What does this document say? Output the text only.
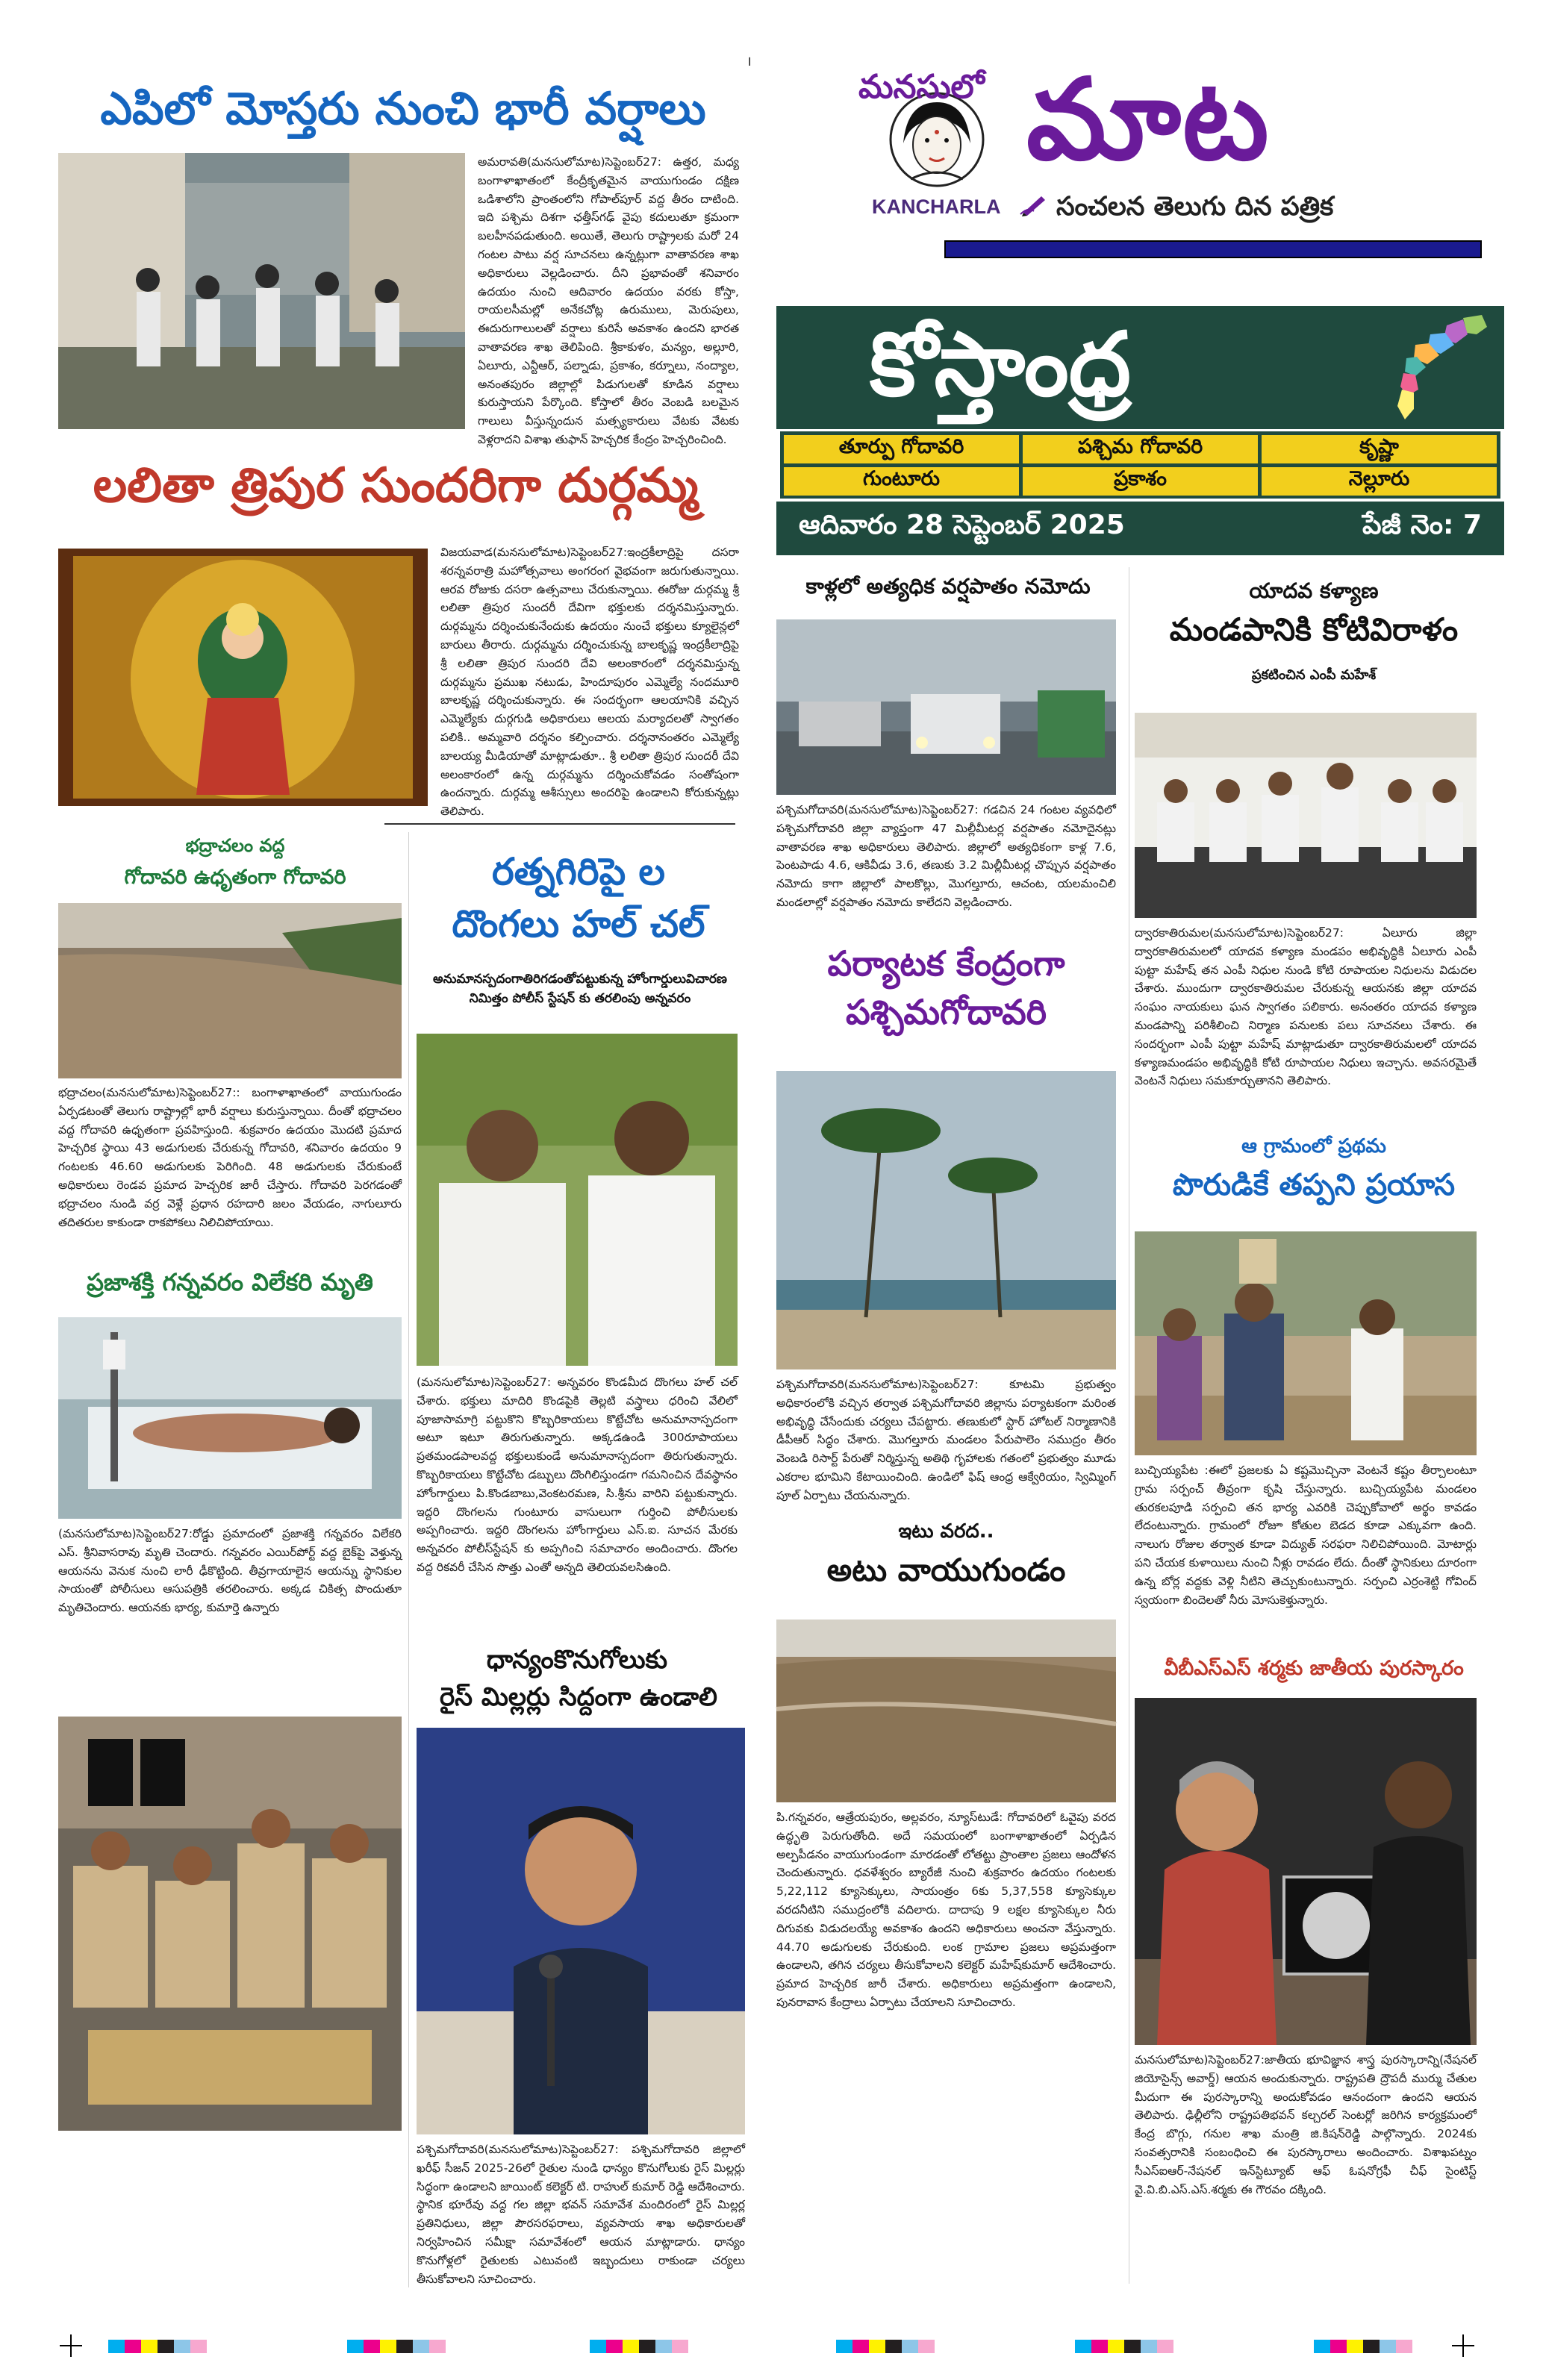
।
మనసులో మాట
KANCHARLA సంచలన తెలుగు దిన పత్రిక
కోస్తాంధ్ర
తూర్పు గోదావరి	పశ్చిమ గోదావరి	కృష్ణా
గుంటూరు	ప్రకాశం	నెల్లూరు
ఆదివారం 28 సెప్టెంబర్ 2025	పేజీ నెం: 7
ఎపిలో మోస్తరు నుంచి భారీ వర్షాలు
అమరావతి(మనసులోమాట)సెప్టెంబర్27: ఉత్తర, మధ్య బంగాళాఖాతంలో కేంద్రీకృతమైన వాయుగుండం దక్షిణ ఒడిశాలోని ప్రాంతంలోని గోపాల్‌పూర్ వద్ద తీరం దాటింది. ఇది పశ్చిమ దిశగా ఛత్తీస్‌గఢ్ వైపు కదులుతూ క్రమంగా బలహీనపడుతుంది. అయితే, తెలుగు రాష్ట్రాలకు మరో 24 గంటల పాటు వర్ష సూచనలు ఉన్నట్లుగా వాతావరణ శాఖ అధికారులు వెల్లడించారు. దీని ప్రభావంతో శనివారం ఉదయం నుంచి ఆదివారం ఉదయం వరకు కోస్తా, రాయలసీమల్లో అనేకచోట్ల ఉరుములు, మెరుపులు, ఈదురుగాలులతో వర్షాలు కురిసే అవకాశం ఉందని భారత వాతావరణ శాఖ తెలిపింది. శ్రీకాకుళం, మన్యం, అల్లూరి, ఏలూరు, ఎన్టీఆర్, పల్నాడు, ప్రకాశం, కర్నూలు, నంద్యాల, అనంతపురం జిల్లాల్లో పిడుగులతో కూడిన వర్షాలు కురుస్తాయని పేర్కొంది. కోస్తాలో తీరం వెంబడి బలమైన గాలులు వీస్తున్నందున మత్స్యకారులు వేటకు వేటకు వెళ్లరాదని విశాఖ తుఫాన్ హెచ్చరిక కేంద్రం హెచ్చరించింది.
లలితా త్రిపుర సుందరిగా దుర్గమ్మ
విజయవాడ(మనసులోమాట)సెప్టెంబర్27:ఇంద్రకీలాద్రిపై దసరా శరన్నవరాత్రి మహోత్సవాలు అంగరంగ వైభవంగా జరుగుతున్నాయి. ఆరవ రోజుకు దసరా ఉత్సవాలు చేరుకున్నాయి. ఈరోజు దుర్గమ్మ శ్రీ లలితా త్రిపుర సుందరీ దేవిగా భక్తులకు దర్శనమిస్తున్నారు. దుర్గమ్మను దర్శించుకునేందుకు ఉదయం నుంచే భక్తులు క్యూలైన్లలో బారులు తీరారు. దుర్గమ్మను దర్శించుకున్న బాలకృష్ణ ఇంద్రకీలాద్రిపై శ్రీ లలితా త్రిపుర సుందరి దేవి అలంకారంలో దర్శనమిస్తున్న దుర్గమ్మను ప్రముఖ నటుడు, హిందూపురం ఎమ్మెల్యే నందమూరి బాలకృష్ణ దర్శించుకున్నారు. ఈ సందర్భంగా ఆలయానికి వచ్చిన ఎమ్మెల్యేకు దుర్గగుడి అధికారులు ఆలయ మర్యాదలతో స్వాగతం పలికి.. అమ్మవారి దర్శనం కల్పించారు. దర్శనానంతరం ఎమ్మెల్యే బాలయ్య మీడియాతో మాట్లాడుతూ.. శ్రీ లలితా త్రిపుర సుందరీ దేవి అలంకారంలో ఉన్న దుర్గమ్మను దర్శించుకోవడం సంతోషంగా ఉందన్నారు. దుర్గమ్మ ఆశీస్సులు అందరిపై ఉండాలని కోరుకున్నట్లు తెలిపారు.
భద్రాచలం వద్ద
గోదావరి ఉధృతంగా గోదావరి
భద్రాచలం(మనసులోమాట)సెప్టెంబర్27:: బంగాళాఖాతంలో వాయుగుండం ఏర్పడటంతో తెలుగు రాష్ట్రాల్లో భారీ వర్షాలు కురుస్తున్నాయి. దీంతో భద్రాచలం వద్ద గోదావరి ఉధృతంగా ప్రవహిస్తుంది. శుక్రవారం ఉదయం మొదటి ప్రమాద హెచ్చరిక స్థాయి 43 అడుగులకు చేరుకున్న గోదావరి, శనివారం ఉదయం 9 గంటలకు 46.60 అడుగులకు పెరిగింది. 48 అడుగులకు చేరుకుంటే అధికారులు రెండవ ప్రమాద హెచ్చరిక జారీ చేస్తారు. గోదావరి పెరగడంతో భద్రాచలం నుండి వర్ర వెళ్లే ప్రధాన రహదారి జలం వేయడం, నాగులూరు తదితరుల కాకుండా రాకపోకలు నిలిచిపోయాయి.
ప్రజాశక్తి గన్నవరం విలేకరి మృతి
(మనసులోమాట)సెప్టెంబర్27:రోడ్డు ప్రమాదంలో ప్రజాశక్తి గన్నవరం విలేకరి ఎస్. శ్రీనివాసరావు మృతి చెందారు. గన్నవరం ఎయిర్‌పోర్ట్ వద్ద బైక్‌పై వెళ్తున్న ఆయనను వెనుక నుంచి లారీ ఢీకొట్టింది. తీవ్రగాయాలైన ఆయన్ను స్థానికుల సాయంతో పోలీసులు ఆసుపత్రికి తరలించారు. అక్కడ చికిత్స పొందుతూ మృతిచెందారు. ఆయనకు భార్య, కుమార్తె ఉన్నారు
రత్నగిరిపై ల
దొంగలు హల్ చల్
అనుమానస్పదంగాతిరిగడంతోపట్టుకున్న హోంగార్డులువిచారణ నిమిత్తం పోలీస్ స్టేషన్ కు తరలింపు అన్నవరం
(మనసులోమాట)సెప్టెంబర్27: అన్నవరం కొండమీద దొంగలు హల్ చల్ చేశారు. భక్తులు మాదిరి కొండపైకి తెల్లటి వస్త్రాలు ధరించి వేలిలో పూజాసామాగ్రి పట్టుకొని కొబ్బరికాయలు కొట్టేచోట అనుమానాస్పదంగా అటూ ఇటూ తిరుగుతున్నారు. అక్కడఉండి 300రూపాయలు ప్రతమండపాలవద్ద భక్తులుకుండే అనుమానాస్పదంగా తిరుగుతున్నారు. కొబ్బరికాయలు కొట్టేచోట డబ్బులు దొంగిలిస్తుండగా గమనించిన దేవస్థానం హోంగార్డులు పి.కొండబాబు,వెంకటరమణ, సి.శ్రీను వారిని పట్టుకున్నారు. ఇద్దరి దొంగలను గుంటూరు వాసులుగా గుర్తించి పోలీసులకు అప్పగించారు. ఇద్దరి దొంగలను హోంగార్డులు ఎస్.ఐ. సూచన మేరకు అన్నవరం పోలీస్‌స్టేషన్ కు అప్పగించి సమాచారం అందించారు. దొంగల వద్ద రికవరీ చేసిన సొత్తు ఎంతో అన్నది తెలియవలసిఉంది.
ధాన్యంకొనుగోలుకు
రైస్ మిల్లర్లు సిద్దంగా ఉండాలి
పశ్చిమగోదావరి(మనసులోమాట)సెప్టెంబర్27: పశ్చిమగోదావరి జిల్లాలో ఖరీఫ్ సీజన్ 2025-26లో రైతుల నుండి ధాన్యం కొనుగోలుకు రైస్ మిల్లర్లు సిద్ధంగా ఉండాలని జాయింట్ కలెక్టర్ టి. రాహుల్ కుమార్ రెడ్డి ఆదేశించారు. స్థానిక భూరేవు వద్ద గల జిల్లా భవన్ సమావేశ మందిరంలో రైస్ మిల్లర్ల ప్రతినిధులు, జిల్లా పౌరసరఫరాలు, వ్యవసాయ శాఖ అధికారులతో నిర్వహించిన సమీక్షా సమావేశంలో ఆయన మాట్లాడారు. ధాన్యం కొనుగోళ్లలో రైతులకు ఎటువంటి ఇబ్బందులు రాకుండా చర్యలు తీసుకోవాలని సూచించారు.
కాళ్లలో అత్యధిక వర్షపాతం నమోదు
పశ్చిమగోదావరి(మనసులోమాట)సెప్టెంబర్27: గడచిన 24 గంటల వ్యవధిలో పశ్చిమగోదావరి జిల్లా వ్యాప్తంగా 47 మిల్లీమీటర్ల వర్షపాతం నమోదైనట్లు వాతావరణ శాఖ అధికారులు తెలిపారు. జిల్లాలో అత్యధికంగా కాళ్ల 7.6, పెంటపాడు 4.6, ఆకివీడు 3.6, తణుకు 3.2 మిల్లీమీటర్ల చొప్పున వర్షపాతం నమోదు కాగా జిల్లాలో పాలకొల్లు, మొగల్తూరు, ఆచంట, యలమంచిలి మండలాల్లో వర్షపాతం నమోదు కాలేదని వెల్లడించారు.
పర్యాటక కేంద్రంగా
పశ్చిమగోదావరి
పశ్చిమగోదావరి(మనసులోమాట)సెప్టెంబర్27: కూటమి ప్రభుత్వం అధికారంలోకి వచ్చిన తర్వాత పశ్చిమగోదావరి జిల్లాను పర్యాటకంగా మరింత అభివృద్ధి చేసేందుకు చర్యలు చేపట్టారు. తణుకులో స్టార్ హోటల్ నిర్మాణానికి డీపీఆర్ సిద్ధం చేశారు. మొగల్తూరు మండలం పేరుపాలెం సముద్రం తీరం వెంబడి రిసార్ట్ పేరుతో నిర్మిస్తున్న అతిథి గృహాలకు గతంలో ప్రభుత్వం మూడు ఎకరాల భూమిని కేటాయించింది. ఉండిలో ఫిష్ ఆంధ్ర ఆక్వేరియం, స్విమ్మింగ్ పూల్ ఏర్పాటు చేయనున్నారు.
ఇటు వరద..
అటు వాయుగుండం
పి.గన్నవరం, ఆత్రేయపురం, అల్లవరం, న్యూస్‌టుడే: గోదావరిలో ఓవైపు వరద ఉద్ధృతి పెరుగుతోంది. అదే సమయంలో బంగాళాఖాతంలో ఏర్పడిన అల్పపీడనం వాయుగుండంగా మారడంతో లోతట్టు ప్రాంతాల ప్రజలు ఆందోళన చెందుతున్నారు. ధవళేశ్వరం బ్యారేజీ నుంచి శుక్రవారం ఉదయం గంటలకు 5,22,112 క్యూసెక్కులు, సాయంత్రం 6కు 5,37,558 క్యూసెక్కుల వరదనీటిని సముద్రంలోకి వదిలారు. దాదాపు 9 లక్షల క్యూసెక్కుల నీరు దిగువకు విడుదలయ్యే అవకాశం ఉందని అధికారులు అంచనా వేస్తున్నారు. 44.70 అడుగులకు చేరుకుంది. లంక గ్రామాల ప్రజలు అప్రమత్తంగా ఉండాలని, తగిన చర్యలు తీసుకోవాలని కలెక్టర్ మహేష్‌కుమార్ ఆదేశించారు. ప్రమాద హెచ్చరిక జారీ చేశారు. అధికారులు అప్రమత్తంగా ఉండాలని, పునరావాస కేంద్రాలు ఏర్పాటు చేయాలని సూచించారు.
యాదవ కళ్యాణ
మండపానికి కోటివిరాళం
ప్రకటించిన ఎంపీ మహేశ్
ద్వారకాతిరుమల(మనసులోమాట)సెప్టెంబర్27: ఏలూరు జిల్లా ద్వారకాతిరుమలలో యాదవ కళ్యాణ మండపం అభివృద్ధికి ఏలూరు ఎంపీ పుట్టా మహేష్ తన ఎంపీ నిధుల నుండి కోటి రూపాయల నిధులను విడుదల చేశారు. ముందుగా ద్వారకాతిరుమల చేరుకున్న ఆయనకు జిల్లా యాదవ సంఘం నాయకులు ఘన స్వాగతం పలికారు. అనంతరం యాదవ కళ్యాణ మండపాన్ని పరిశీలించి నిర్మాణ పనులకు పలు సూచనలు చేశారు. ఈ సందర్భంగా ఎంపీ పుట్టా మహేష్ మాట్లాడుతూ ద్వారకాతిరుమలలో యాదవ కళ్యాణమండపం అభివృద్ధికి కోటి రూపాయల నిధులు ఇచ్చాను. అవసరమైతే వెంటనే నిధులు సమకూర్చుతానని తెలిపారు.
ఆ గ్రామంలో ప్రథమ
పొరుడికే తప్పని ప్రయాస
బుచ్చియ్యపేట :ఈలో ప్రజలకు ఏ కష్టమొచ్చినా వెంటనే కష్టం తీర్చాలంటూ గ్రామ సర్పంచ్ తీవ్రంగా కృషి చేస్తున్నారు. బుచ్చియ్యపేట మండలం తురకలపూడి సర్పంచి తన భార్య ఎవరికి చెప్పుకోవాలో అర్థం కావడం లేదంటున్నారు. గ్రామంలో రోజూ కోతుల బెడద కూడా ఎక్కువగా ఉంది. నాలుగు రోజుల తర్వాత కూడా విద్యుత్ సరఫరా నిలిచిపోయింది. మోటార్లు పని చేయక కుళాయిలు నుంచి నీళ్లు రావడం లేదు. దీంతో స్థానికులు దూరంగా ఉన్న బోర్ల వద్దకు వెళ్లి నీటిని తెచ్చుకుంటున్నారు. సర్పంచి ఎర్రంశెట్టి గోవింద్ స్వయంగా బిందెలతో నీరు మోసుకెళ్తున్నారు.
వీబీఎస్ఎస్ శర్మకు జాతీయ పురస్కారం
మనసులోమాట)సెప్టెంబర్27:జాతీయ భూవిజ్ఞాన శాస్త్ర పురస్కారాన్ని(నేషనల్ జియోసైన్స్ అవార్డ్) ఆయన అందుకున్నారు. రాష్ట్రపతి ద్రౌపదీ ముర్ము చేతుల మీదుగా ఈ పురస్కారాన్ని అందుకోవడం ఆనందంగా ఉందని ఆయన తెలిపారు. ఢిల్లీలోని రాష్ట్రపతిభవన్ కల్చరల్ సెంటర్లో జరిగిన కార్యక్రమంలో కేంద్ర బొగ్గు, గనుల శాఖ మంత్రి జి.కిషన్‌రెడ్డి పాల్గొన్నారు. 2024కు సంవత్సరానికి సంబంధించి ఈ పురస్కారాలు అందించారు. విశాఖపట్నం సీఎస్ఐఆర్-నేషనల్ ఇన్‌స్టిట్యూట్ ఆఫ్ ఓషనోగ్రఫీ చీఫ్ సైంటిస్ట్ వై.వి.బి.ఎస్.ఎస్.శర్మకు ఈ గౌరవం దక్కింది.
